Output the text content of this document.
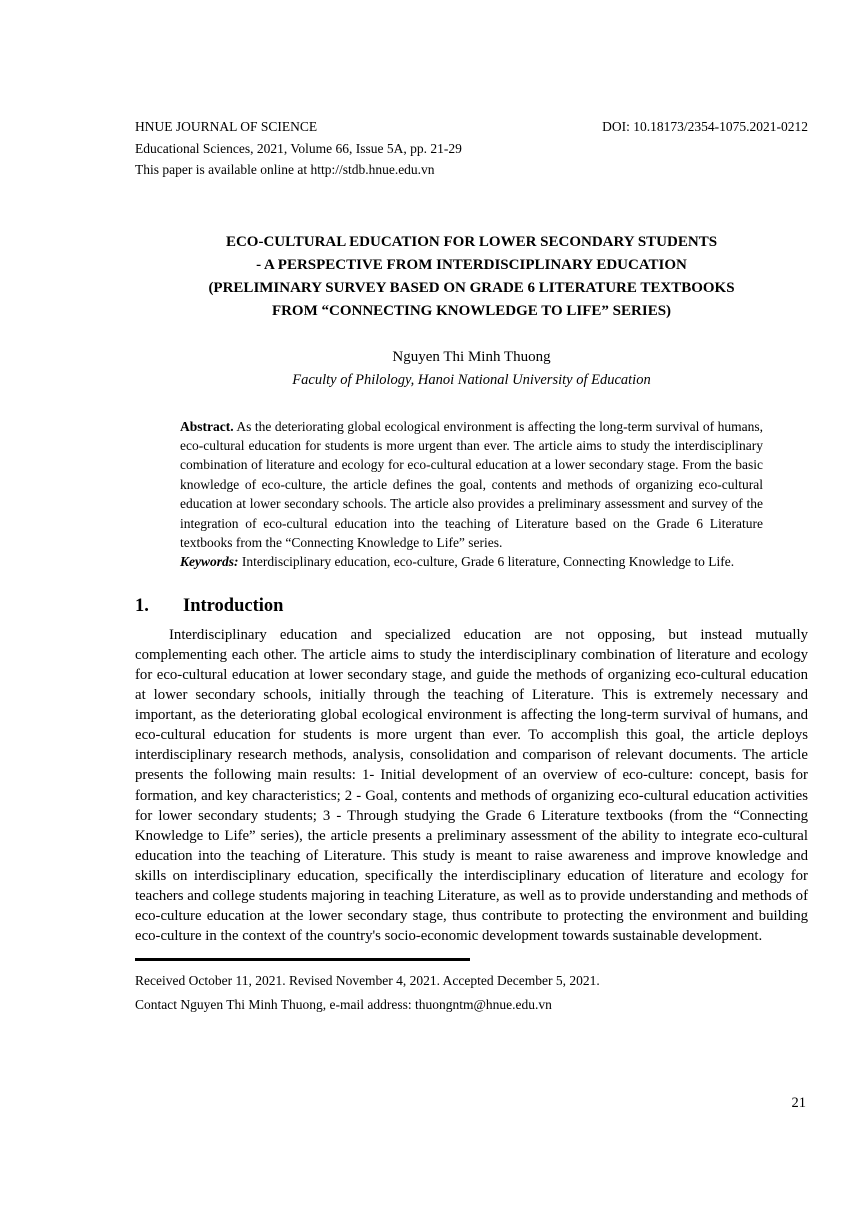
HNUE JOURNAL OF SCIENCE	DOI: 10.18173/2354-1075.2021-0212
Educational Sciences, 2021, Volume 66, Issue 5A, pp. 21-29
This paper is available online at http://stdb.hnue.edu.vn
ECO-CULTURAL EDUCATION FOR LOWER SECONDARY STUDENTS
- A PERSPECTIVE FROM INTERDISCIPLINARY EDUCATION
(PRELIMINARY SURVEY BASED ON GRADE 6 LITERATURE TEXTBOOKS
FROM “CONNECTING KNOWLEDGE TO LIFE” SERIES)
Nguyen Thi Minh Thuong
Faculty of Philology, Hanoi National University of Education

Abstract. As the deteriorating global ecological environment is affecting the long-term survival of humans, eco-cultural education for students is more urgent than ever. The article aims to study the interdisciplinary combination of literature and ecology for eco-cultural education at a lower secondary stage. From the basic knowledge of eco-culture, the article defines the goal, contents and methods of organizing eco-cultural education at lower secondary schools. The article also provides a preliminary assessment and survey of the integration of eco-cultural education into the teaching of Literature based on the Grade 6 Literature textbooks from the “Connecting Knowledge to Life” series.

Keywords: Interdisciplinary education, eco-culture, Grade 6 literature, Connecting Knowledge to Life.

1. Introduction

Interdisciplinary education and specialized education are not opposing, but instead mutually complementing each other. The article aims to study the interdisciplinary combination of literature and ecology for eco-cultural education at lower secondary stage, and guide the methods of organizing eco-cultural education at lower secondary schools, initially through the teaching of Literature. This is extremely necessary and important, as the deteriorating global ecological environment is affecting the long-term survival of humans, and eco-cultural education for students is more urgent than ever. To accomplish this goal, the article deploys interdisciplinary research methods, analysis, consolidation and comparison of relevant documents. The article presents the following main results: 1- Initial development of an overview of eco-culture: concept, basis for formation, and key characteristics; 2 - Goal, contents and methods of organizing eco-cultural education activities for lower secondary students; 3 - Through studying the Grade 6 Literature textbooks (from the “Connecting Knowledge to Life” series), the article presents a preliminary assessment of the ability to integrate eco-cultural education into the teaching of Literature. This study is meant to raise awareness and improve knowledge and skills on interdisciplinary education, specifically the interdisciplinary education of literature and ecology for teachers and college students majoring in teaching Literature, as well as to provide understanding and methods of eco-culture education at the lower secondary stage, thus contribute to protecting the environment and building eco-culture in the context of the country's socio-economic development towards sustainable development.

Received October 11, 2021. Revised November 4, 2021. Accepted December 5, 2021.
Contact Nguyen Thi Minh Thuong, e-mail address: thuongntm@hnue.edu.vn
21
